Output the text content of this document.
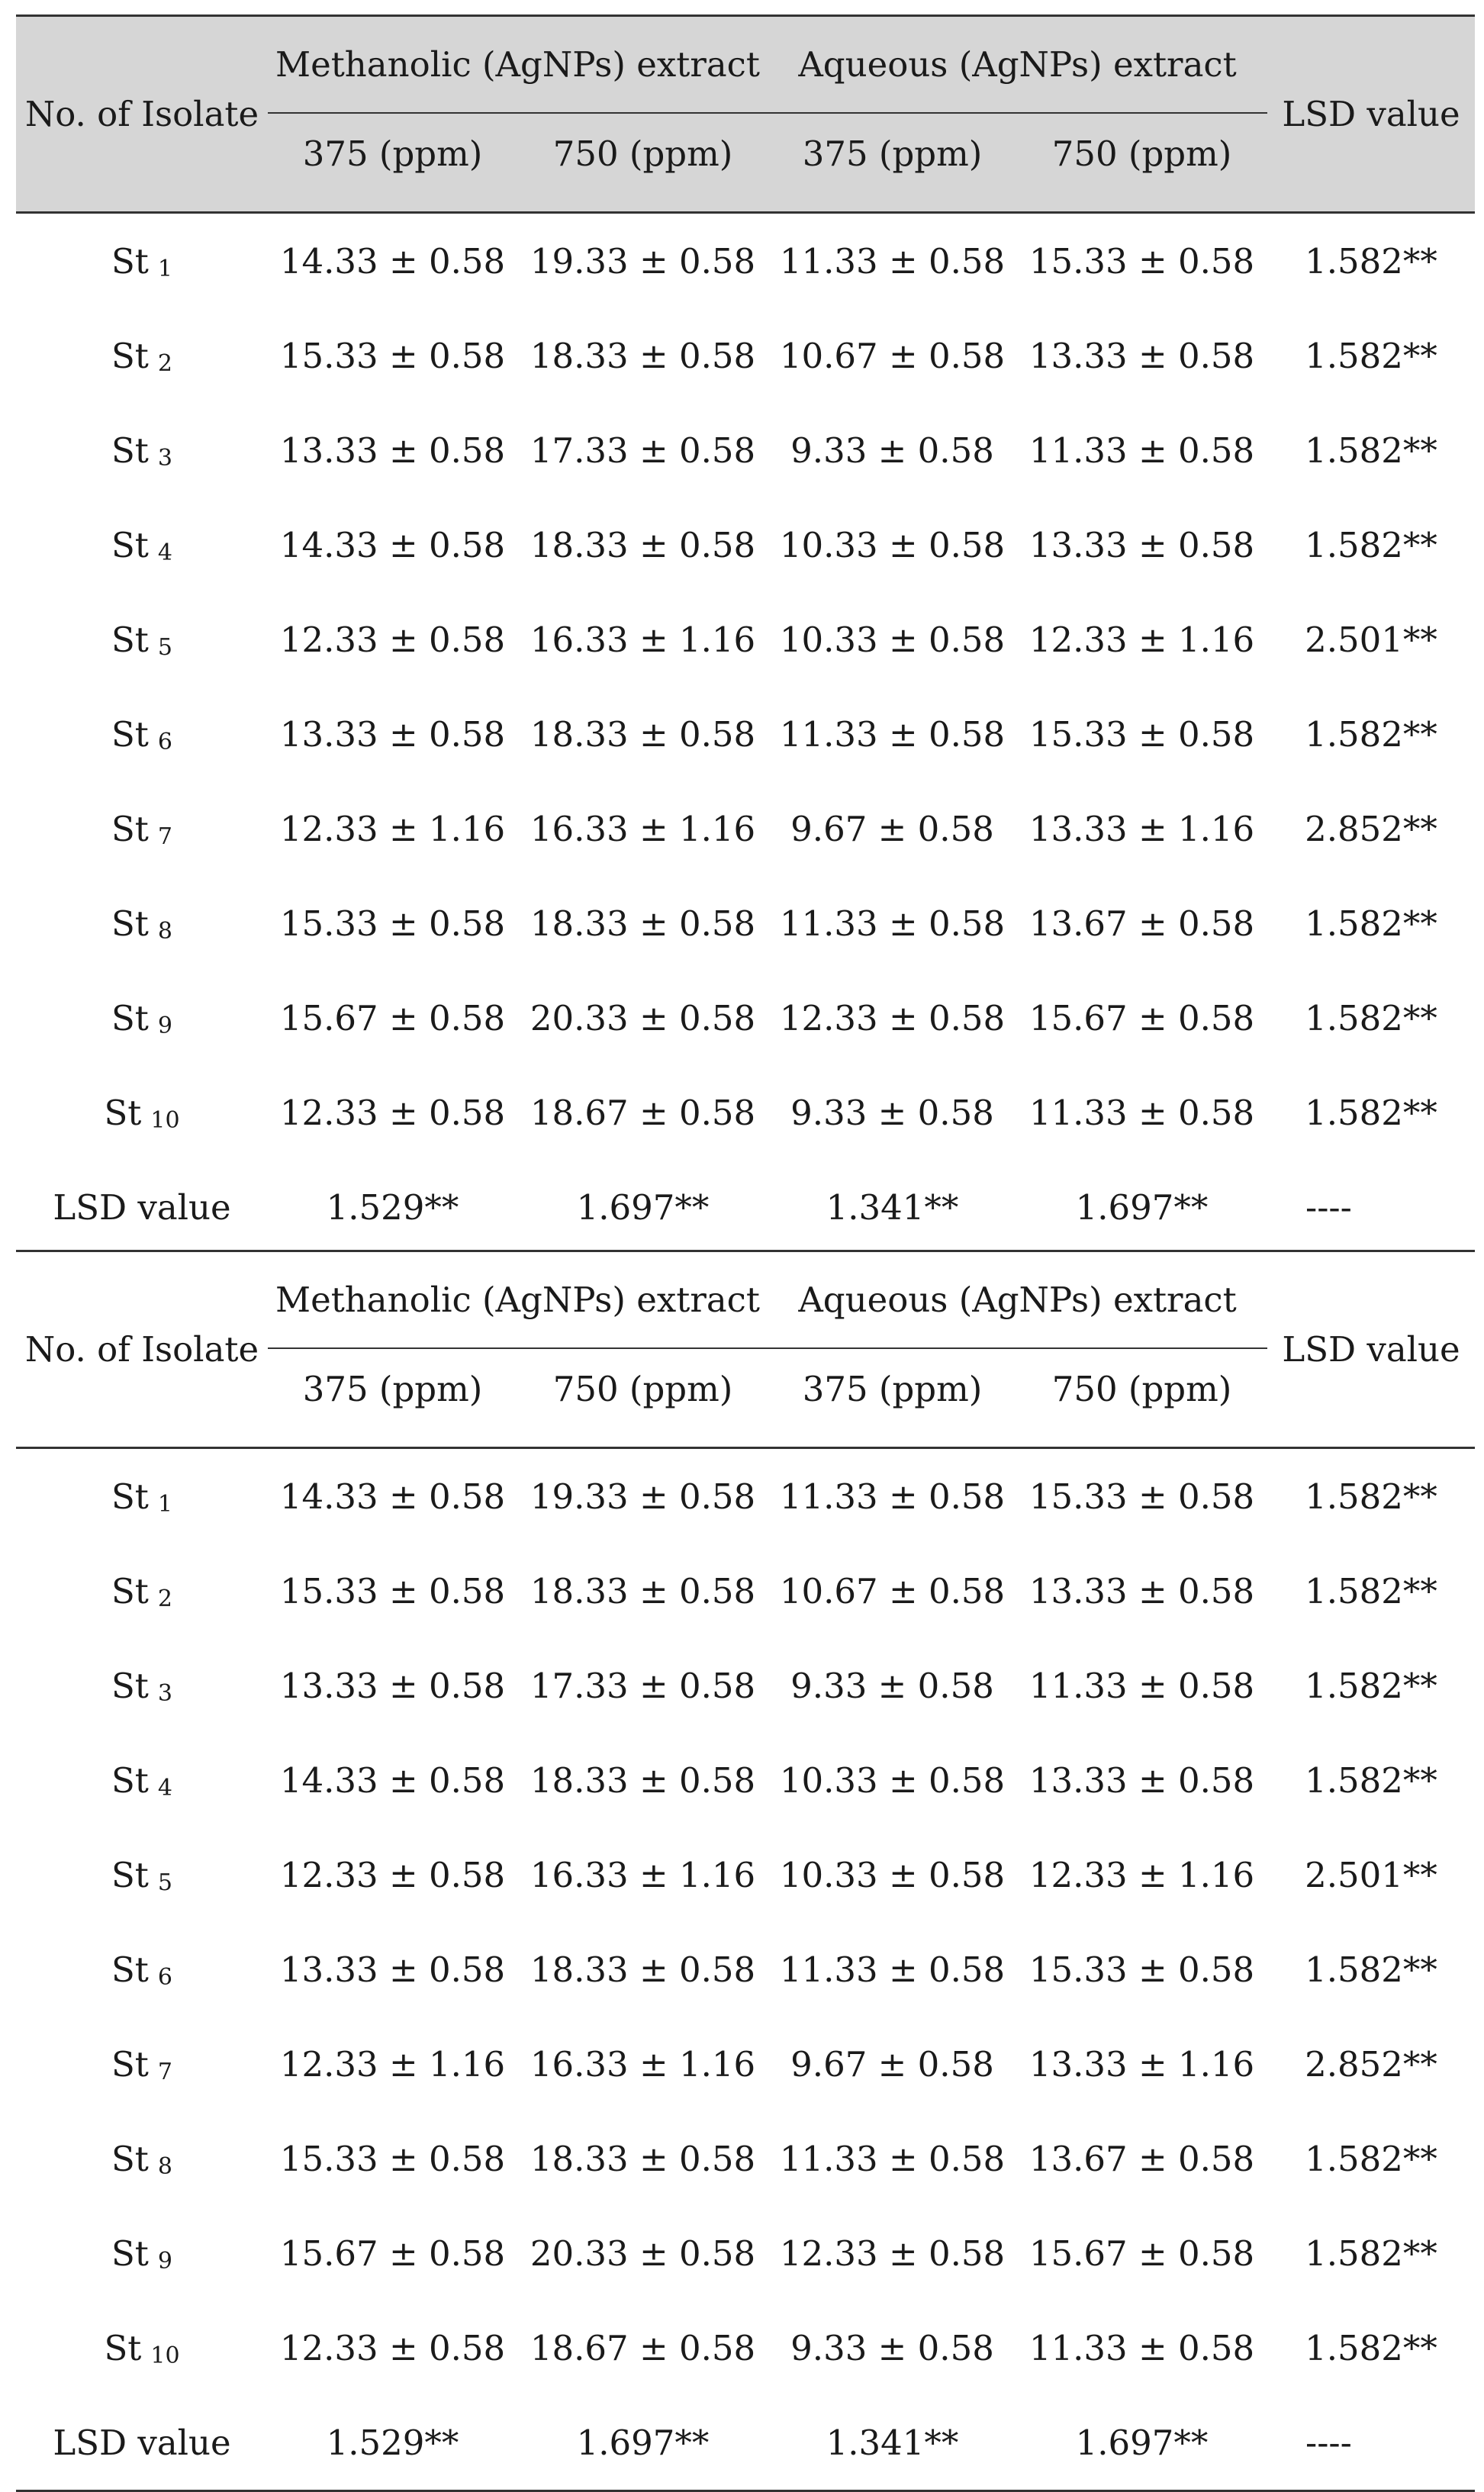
No. of Isolate
Methanolic (AgNPs) extract	Aqueous (AgNPs) extract
375 (ppm)	750 (ppm)	375 (ppm)	750 (ppm)
LSD value
St 1	14.33 ± 0.58 19.33 ± 0.58 11.33 ± 0.58 15.33 ± 0.58	1.582**
St 2	15.33 ± 0.58 18.33 ± 0.58 10.67 ± 0.58 13.33 ± 0.58	1.582**
St 3	13.33 ± 0.58 17.33 ± 0.58	9.33 ± 0.58	11.33 ± 0.58	1.582**
St 4	14.33 ± 0.58 18.33 ± 0.58 10.33 ± 0.58 13.33 ± 0.58	1.582**
St 5	12.33 ± 0.58 16.33 ± 1.16 10.33 ± 0.58 12.33 ± 1.16	2.501**
St 6	13.33 ± 0.58 18.33 ± 0.58 11.33 ± 0.58 15.33 ± 0.58	1.582**
St 7	12.33 ± 1.16 16.33 ± 1.16	9.67 ± 0.58	13.33 ± 1.16	2.852**
St 8	15.33 ± 0.58 18.33 ± 0.58 11.33 ± 0.58 13.67 ± 0.58	1.582**
St 9	15.67 ± 0.58 20.33 ± 0.58 12.33 ± 0.58 15.67 ± 0.58	1.582**
St 10	12.33 ± 0.58 18.67 ± 0.58	9.33 ± 0.58	11.33 ± 0.58	1.582**
LSD value	1.529**	1.697**	1.341**	1.697**	----
No. of Isolate
Methanolic (AgNPs) extract	Aqueous (AgNPs) extract
375 (ppm)	750 (ppm)	375 (ppm)	750 (ppm)
LSD value
St 1	14.33 ± 0.58 19.33 ± 0.58 11.33 ± 0.58 15.33 ± 0.58	1.582**
St 2	15.33 ± 0.58 18.33 ± 0.58 10.67 ± 0.58 13.33 ± 0.58	1.582**
St 3	13.33 ± 0.58 17.33 ± 0.58	9.33 ± 0.58	11.33 ± 0.58	1.582**
St 4	14.33 ± 0.58 18.33 ± 0.58 10.33 ± 0.58 13.33 ± 0.58	1.582**
St 5	12.33 ± 0.58 16.33 ± 1.16 10.33 ± 0.58 12.33 ± 1.16	2.501**
St 6	13.33 ± 0.58 18.33 ± 0.58 11.33 ± 0.58 15.33 ± 0.58	1.582**
St 7	12.33 ± 1.16 16.33 ± 1.16	9.67 ± 0.58	13.33 ± 1.16	2.852**
St 8	15.33 ± 0.58 18.33 ± 0.58 11.33 ± 0.58 13.67 ± 0.58	1.582**
St 9	15.67 ± 0.58 20.33 ± 0.58 12.33 ± 0.58 15.67 ± 0.58	1.582**
St 10	12.33 ± 0.58 18.67 ± 0.58	9.33 ± 0.58	11.33 ± 0.58	1.582**
LSD value	1.529**	1.697**	1.341**	1.697**	----
